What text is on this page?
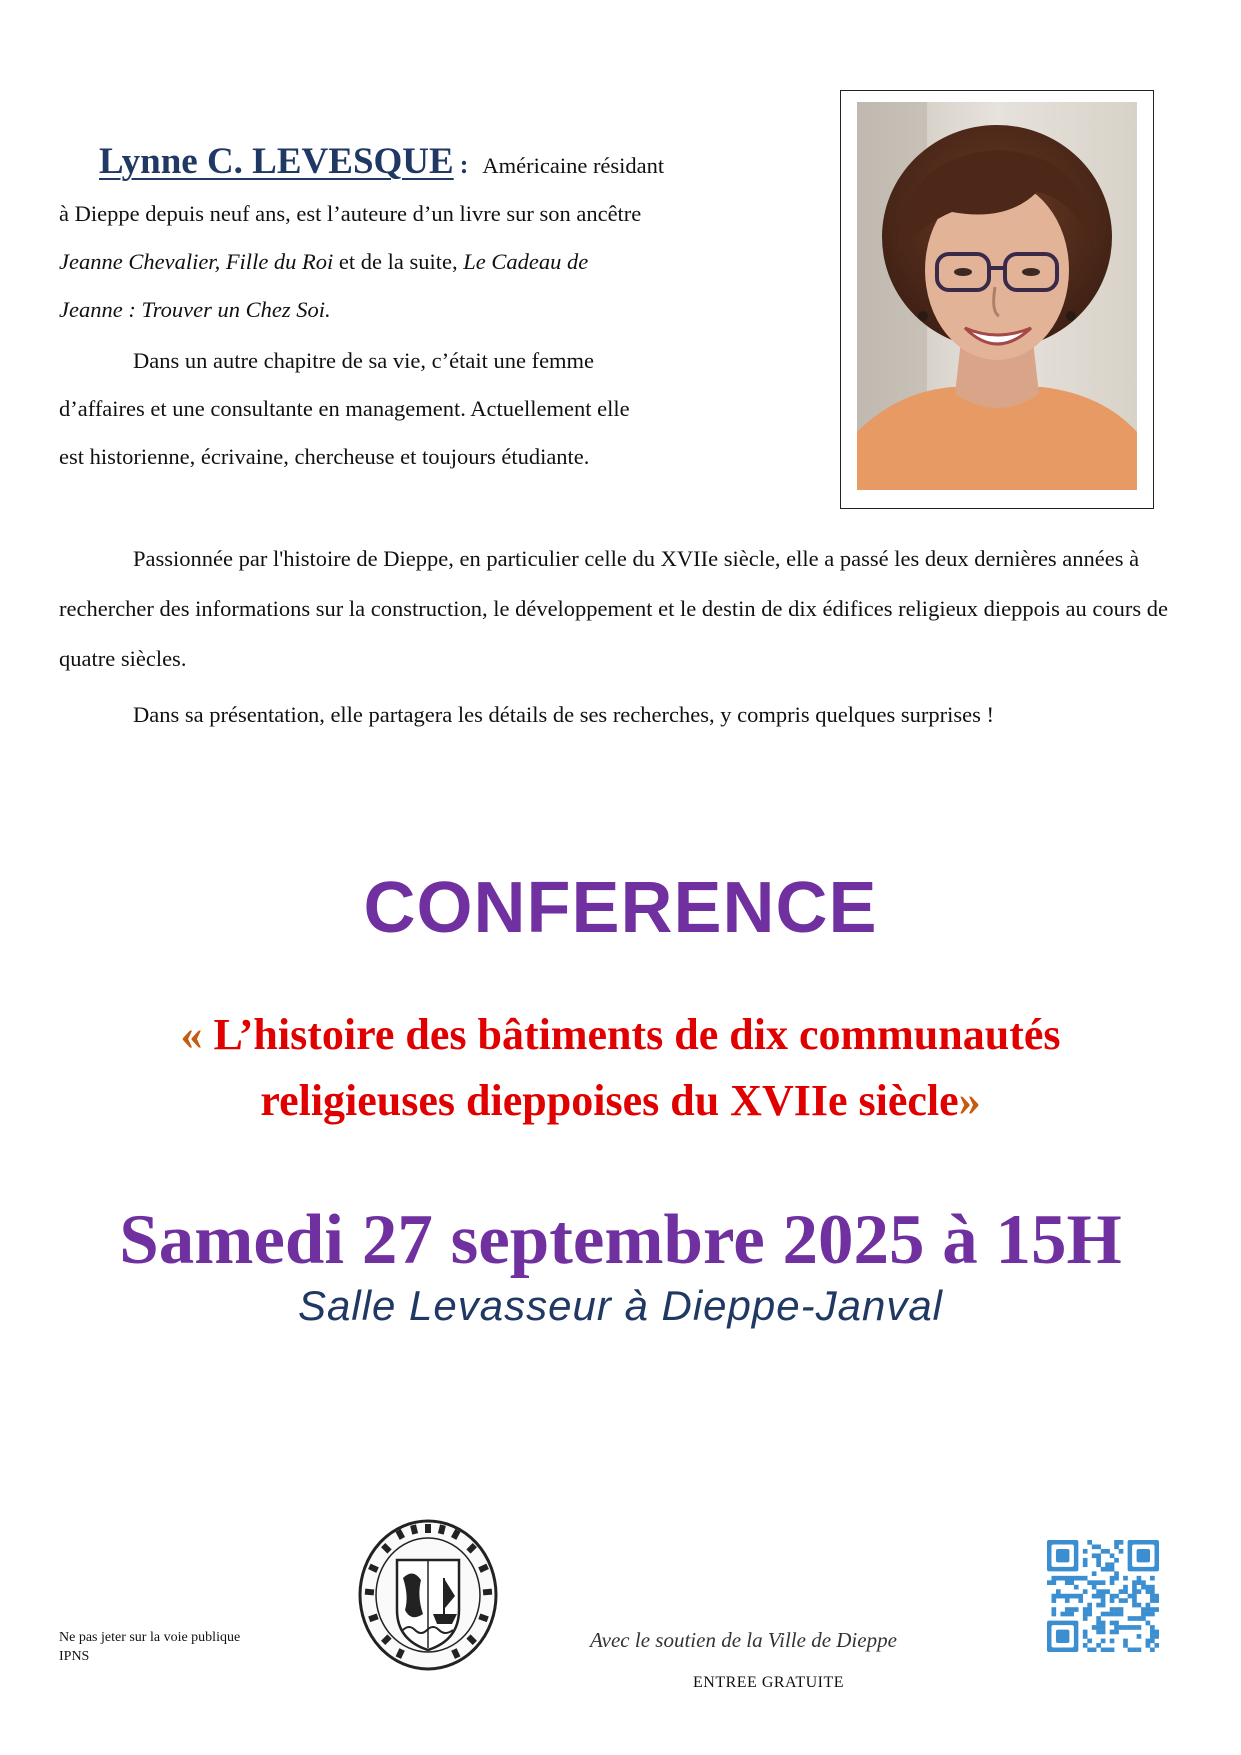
Lynne C. LEVESQUE : Américaine résidant

à Dieppe depuis neuf ans, est l’auteure d’un livre sur son ancêtre

Jeanne Chevalier, Fille du Roi et de la suite, Le Cadeau de

Jeanne : Trouver un Chez Soi.

Dans un autre chapitre de sa vie, c’était une femme

d’affaires et une consultante en management. Actuellement elle

est historienne, écrivaine, chercheuse et toujours étudiante.

Passionnée par l'histoire de Dieppe, en particulier celle du XVIIe siècle, elle a passé les deux dernières années à rechercher des informations sur la construction, le développement et le destin de dix édifices religieux dieppois au cours de quatre siècles.

Dans sa présentation, elle partagera les détails de ses recherches, y compris quelques surprises !

CONFERENCE
« L’histoire des bâtiments de dix communautés
religieuses dieppoises du XVIIe siècle»
Samedi 27 septembre 2025 à 15H
Salle Levasseur à Dieppe-Janval
Ne pas jeter sur la voie publique
IPNS
Avec le soutien de la Ville de Dieppe
ENTREE GRATUITE
